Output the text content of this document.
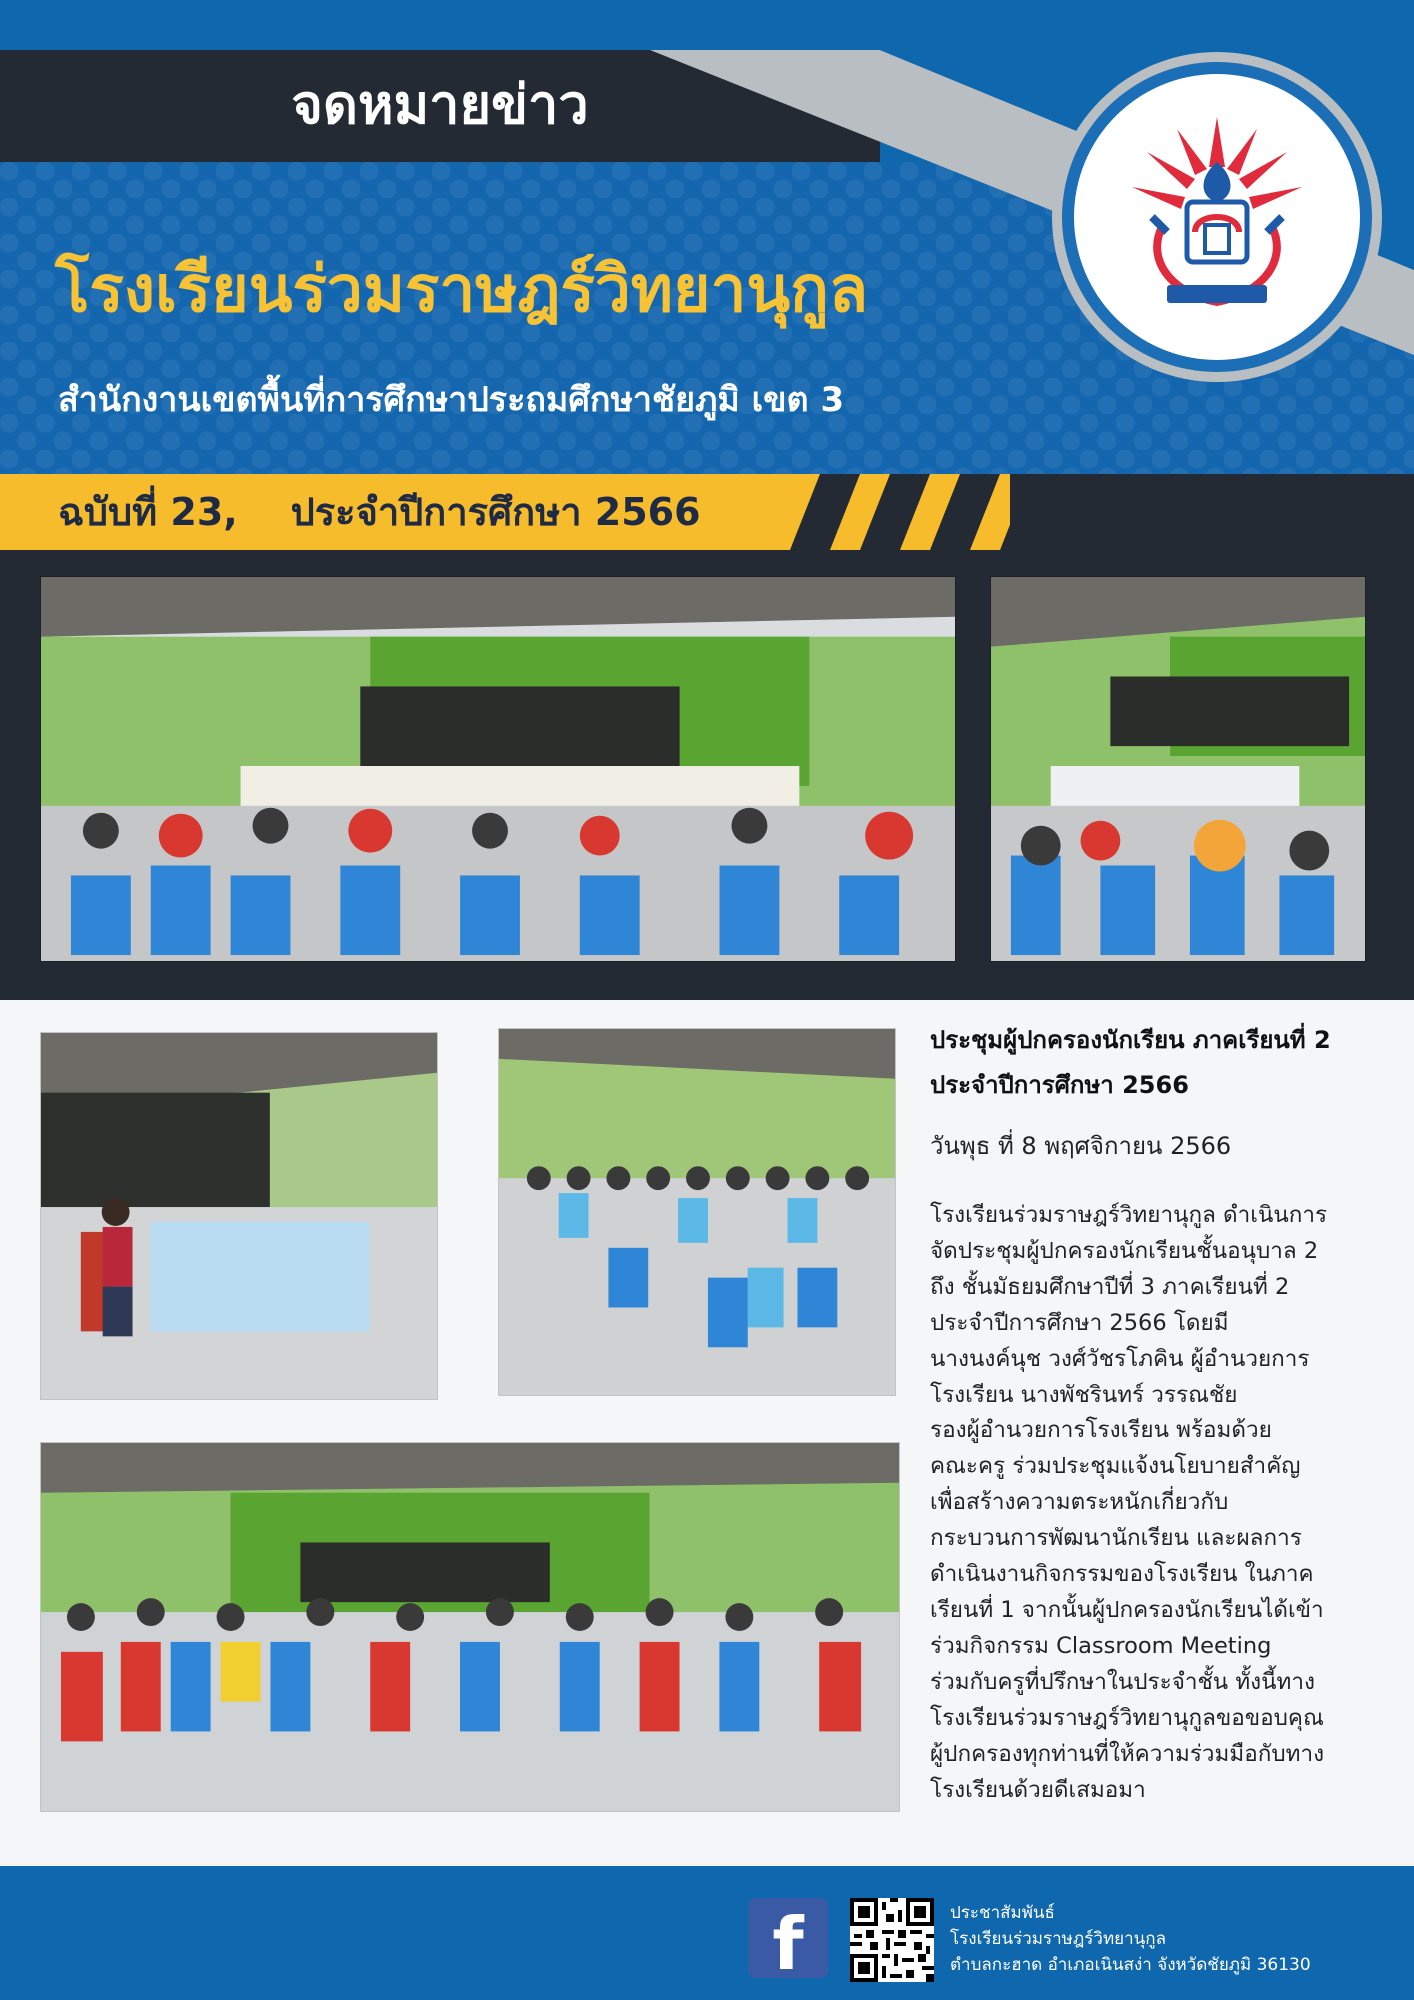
จดหมายข่าว
โรงเรียนร่วมราษฎร์วิทยานุกูล
สำนักงานเขตพื้นที่การศึกษาประถมศึกษาชัยภูมิ เขต 3
ฉบับที่ 23,    ประจำปีการศึกษา 2566
ประชุมผู้ปกครองนักเรียน ภาคเรียนที่ 2
ประจำปีการศึกษา 2566
วันพุธ ที่ 8 พฤศจิกายน 2566
โรงเรียนร่วมราษฎร์วิทยานุกูล ดำเนินการ
จัดประชุมผู้ปกครองนักเรียนชั้นอนุบาล 2
ถึง ชั้นมัธยมศึกษาปีที่ 3 ภาคเรียนที่ 2
ประจำปีการศึกษา 2566 โดยมี
นางนงค์นุช วงศ์วัชรโภคิน ผู้อำนวยการ
โรงเรียน นางพัชรินทร์ วรรณชัย
รองผู้อำนวยการโรงเรียน พร้อมด้วย
คณะครู ร่วมประชุมแจ้งนโยบายสำคัญ
เพื่อสร้างความตระหนักเกี่ยวกับ
กระบวนการพัฒนานักเรียน และผลการ
ดำเนินงานกิจกรรมของโรงเรียน ในภาค
เรียนที่ 1 จากนั้นผู้ปกครองนักเรียนได้เข้า
ร่วมกิจกรรม Classroom Meeting
ร่วมกับครูที่ปรึกษาในประจำชั้น ทั้งนี้ทาง
โรงเรียนร่วมราษฎร์วิทยานุกูลขอขอบคุณ
ผู้ปกครองทุกท่านที่ให้ความร่วมมือกับทาง
โรงเรียนด้วยดีเสมอมา
f	ประชาสัมพันธ์
โรงเรียนร่วมราษฎร์วิทยานุกูล
ตำบลกะฮาด อำเภอเนินสง่า จังหวัดชัยภูมิ 36130
